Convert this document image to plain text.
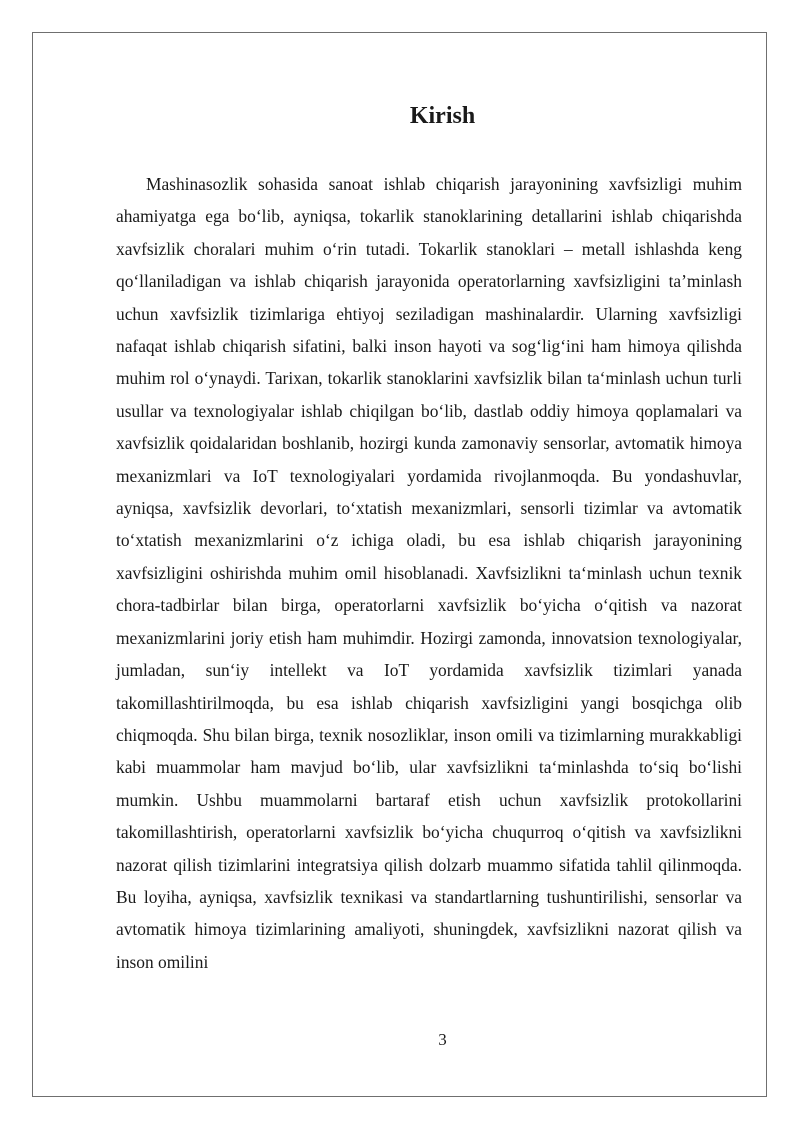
Kirish

Mashinasozlik sohasida sanoat ishlab chiqarish jarayonining xavfsizligi muhim ahamiyatga ega bo‘lib, ayniqsa, tokarlik stanoklarining detallarini ishlab chiqarishda xavfsizlik choralari muhim o‘rin tutadi. Tokarlik stanoklari – metall ishlashda keng qo‘llaniladigan va ishlab chiqarish jarayonida operatorlarning xavfsizligini ta’minlash uchun xavfsizlik tizimlariga ehtiyoj seziladigan mashinalardir. Ularning xavfsizligi nafaqat ishlab chiqarish sifatini, balki inson hayoti va sog‘lig‘ini ham himoya qilishda muhim rol o‘ynaydi. Tarixan, tokarlik stanoklarini xavfsizlik bilan ta‘minlash uchun turli usullar va texnologiyalar ishlab chiqilgan bo‘lib, dastlab oddiy himoya qoplamalari va xavfsizlik qoidalaridan boshlanib, hozirgi kunda zamonaviy sensorlar, avtomatik himoya mexanizmlari va IoT texnologiyalari yordamida rivojlanmoqda. Bu yondashuvlar, ayniqsa, xavfsizlik devorlari, to‘xtatish mexanizmlari, sensorli tizimlar va avtomatik to‘xtatish mexanizmlarini o‘z ichiga oladi, bu esa ishlab chiqarish jarayonining xavfsizligini oshirishda muhim omil hisoblanadi. Xavfsizlikni ta‘minlash uchun texnik chora-tadbirlar bilan birga, operatorlarni xavfsizlik bo‘yicha o‘qitish va nazorat mexanizmlarini joriy etish ham muhimdir. Hozirgi zamonda, innovatsion texnologiyalar, jumladan, sun‘iy intellekt va IoT yordamida xavfsizlik tizimlari yanada takomillashtirilmoqda, bu esa ishlab chiqarish xavfsizligini yangi bosqichga olib chiqmoqda. Shu bilan birga, texnik nosozliklar, inson omili va tizimlarning murakkabligi kabi muammolar ham mavjud bo‘lib, ular xavfsizlikni ta‘minlashda to‘siq bo‘lishi mumkin. Ushbu muammolarni bartaraf etish uchun xavfsizlik protokollarini takomillashtirish, operatorlarni xavfsizlik bo‘yicha chuqurroq o‘qitish va xavfsizlikni nazorat qilish tizimlarini integratsiya qilish dolzarb muammo sifatida tahlil qilinmoqda. Bu loyiha, ayniqsa, xavfsizlik texnikasi va standartlarning tushuntirilishi, sensorlar va avtomatik himoya tizimlarining amaliyoti, shuningdek, xavfsizlikni nazorat qilish va inson omilini

3
